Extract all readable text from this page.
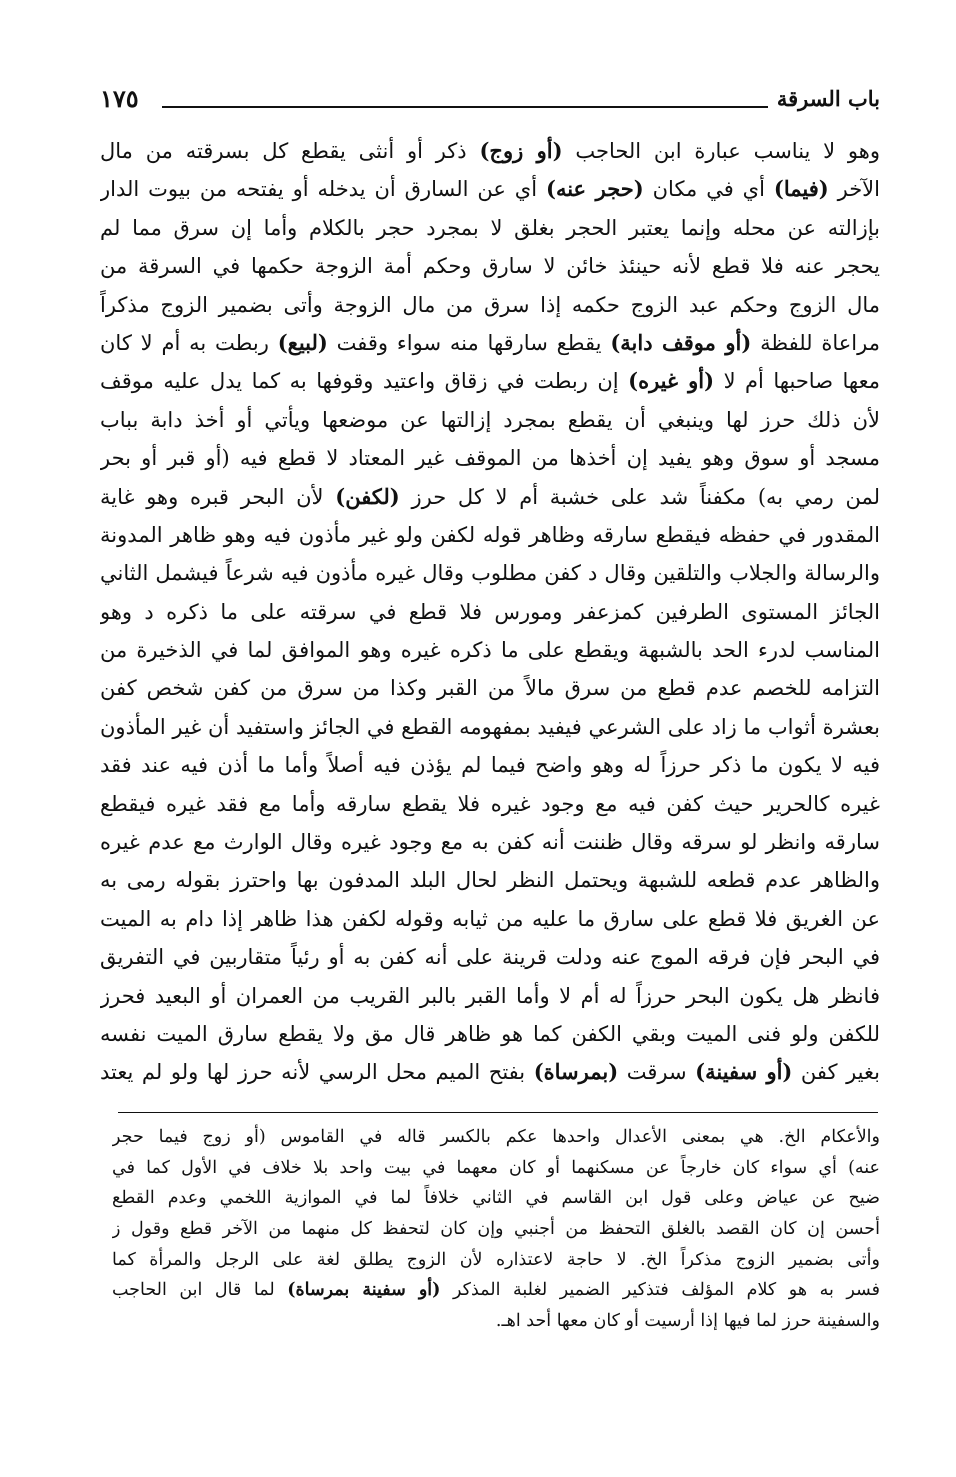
باب السرقة
١٧٥
وهو لا يناسب عبارة ابن الحاجب (أو زوج) ذكر أو أنثى يقطع كل بسرقته من مال
الآخر (فيما) أي في مكان (حجر عنه) أي عن السارق أن يدخله أو يفتحه من بيوت الدار
بإزالته عن محله وإنما يعتبر الحجر بغلق لا بمجرد حجر بالكلام وأما إن سرق مما لم
يحجر عنه فلا قطع لأنه حينئذ خائن لا سارق وحكم أمة الزوجة حكمها في السرقة من
مال الزوج وحكم عبد الزوج حكمه إذا سرق من مال الزوجة وأتى بضمير الزوج مذكراً
مراعاة للفظة (أو موقف دابة) يقطع سارقها منه سواء وقفت (لبيع) ربطت به أم لا كان
معها صاحبها أم لا (أو غيره) إن ربطت في زقاق واعتيد وقوفها به كما يدل عليه موقف
لأن ذلك حرز لها وينبغي أن يقطع بمجرد إزالتها عن موضعها ويأتي أو أخذ دابة بباب
مسجد أو سوق وهو يفيد إن أخذها من الموقف غير المعتاد لا قطع فيه (أو قبر أو بحر
لمن رمي به) مكفناً شد على خشبة أم لا كل حرز (لكفن) لأن البحر قبره وهو غاية
المقدور في حفظه فيقطع سارقه وظاهر قوله لكفن ولو غير مأذون فيه وهو ظاهر المدونة
والرسالة والجلاب والتلقين وقال د كفن مطلوب وقال غيره مأذون فيه شرعاً فيشمل الثاني
الجائز المستوى الطرفين كمزعفر ومورس فلا قطع في سرقته على ما ذكره د وهو
المناسب لدرء الحد بالشبهة ويقطع على ما ذكره غيره وهو الموافق لما في الذخيرة من
التزامه للخصم عدم قطع من سرق مالاً من القبر وكذا من سرق من كفن شخص كفن
بعشرة أثواب ما زاد على الشرعي فيفيد بمفهومه القطع في الجائز واستفيد أن غير المأذون
فيه لا يكون ما ذكر حرزاً له وهو واضح فيما لم يؤذن فيه أصلاً وأما ما أذن فيه عند فقد
غيره كالحرير حيث كفن فيه مع وجود غيره فلا يقطع سارقه وأما مع فقد غيره فيقطع
سارقه وانظر لو سرقه وقال ظننت أنه كفن به مع وجود غيره وقال الوارث مع عدم غيره
والظاهر عدم قطعه للشبهة ويحتمل النظر لحال البلد المدفون بها واحترز بقوله رمى به
عن الغريق فلا قطع على سارق ما عليه من ثيابه وقوله لكفن هذا ظاهر إذا دام به الميت
في البحر فإن فرقه الموج عنه ودلت قرينة على أنه كفن به أو رئياً متقاربين في التفريق
فانظر هل يكون البحر حرزاً له أم لا وأما القبر بالبر القريب من العمران أو البعيد فحرز
للكفن ولو فنى الميت وبقي الكفن كما هو ظاهر قال مق ولا يقطع سارق الميت نفسه
بغير كفن (أو سفينة) سرقت (بمرساة) بفتح الميم محل الرسي لأنه حرز لها ولو لم يعتد
والأعكام الخ. هي بمعنى الأعدال واحدها عكم بالكسر قاله في القاموس (أو زوج فيما حجر
عنه) أي سواء كان خارجاً عن مسكنهما أو كان معهما في بيت واحد بلا خلاف في الأول كما في
ضيح عن عياض وعلى قول ابن القاسم في الثاني خلافاً لما في الموازية اللخمي وعدم القطع
أحسن إن كان القصد بالغلق التحفظ من أجنبي وإن كان لتحفظ كل منهما من الآخر قطع وقول ز
وأتى بضمير الزوج مذكراً الخ. لا حاجة لاعتذاره لأن الزوج يطلق لغة على الرجل والمرأة كما
فسر به هو كلام المؤلف فتذكير الضمير لغلبة المذكر (أو سفينة بمرساة) لما قال ابن الحاجب
والسفينة حرز لما فيها إذا أرسيت أو كان معها أحد اهـ.
